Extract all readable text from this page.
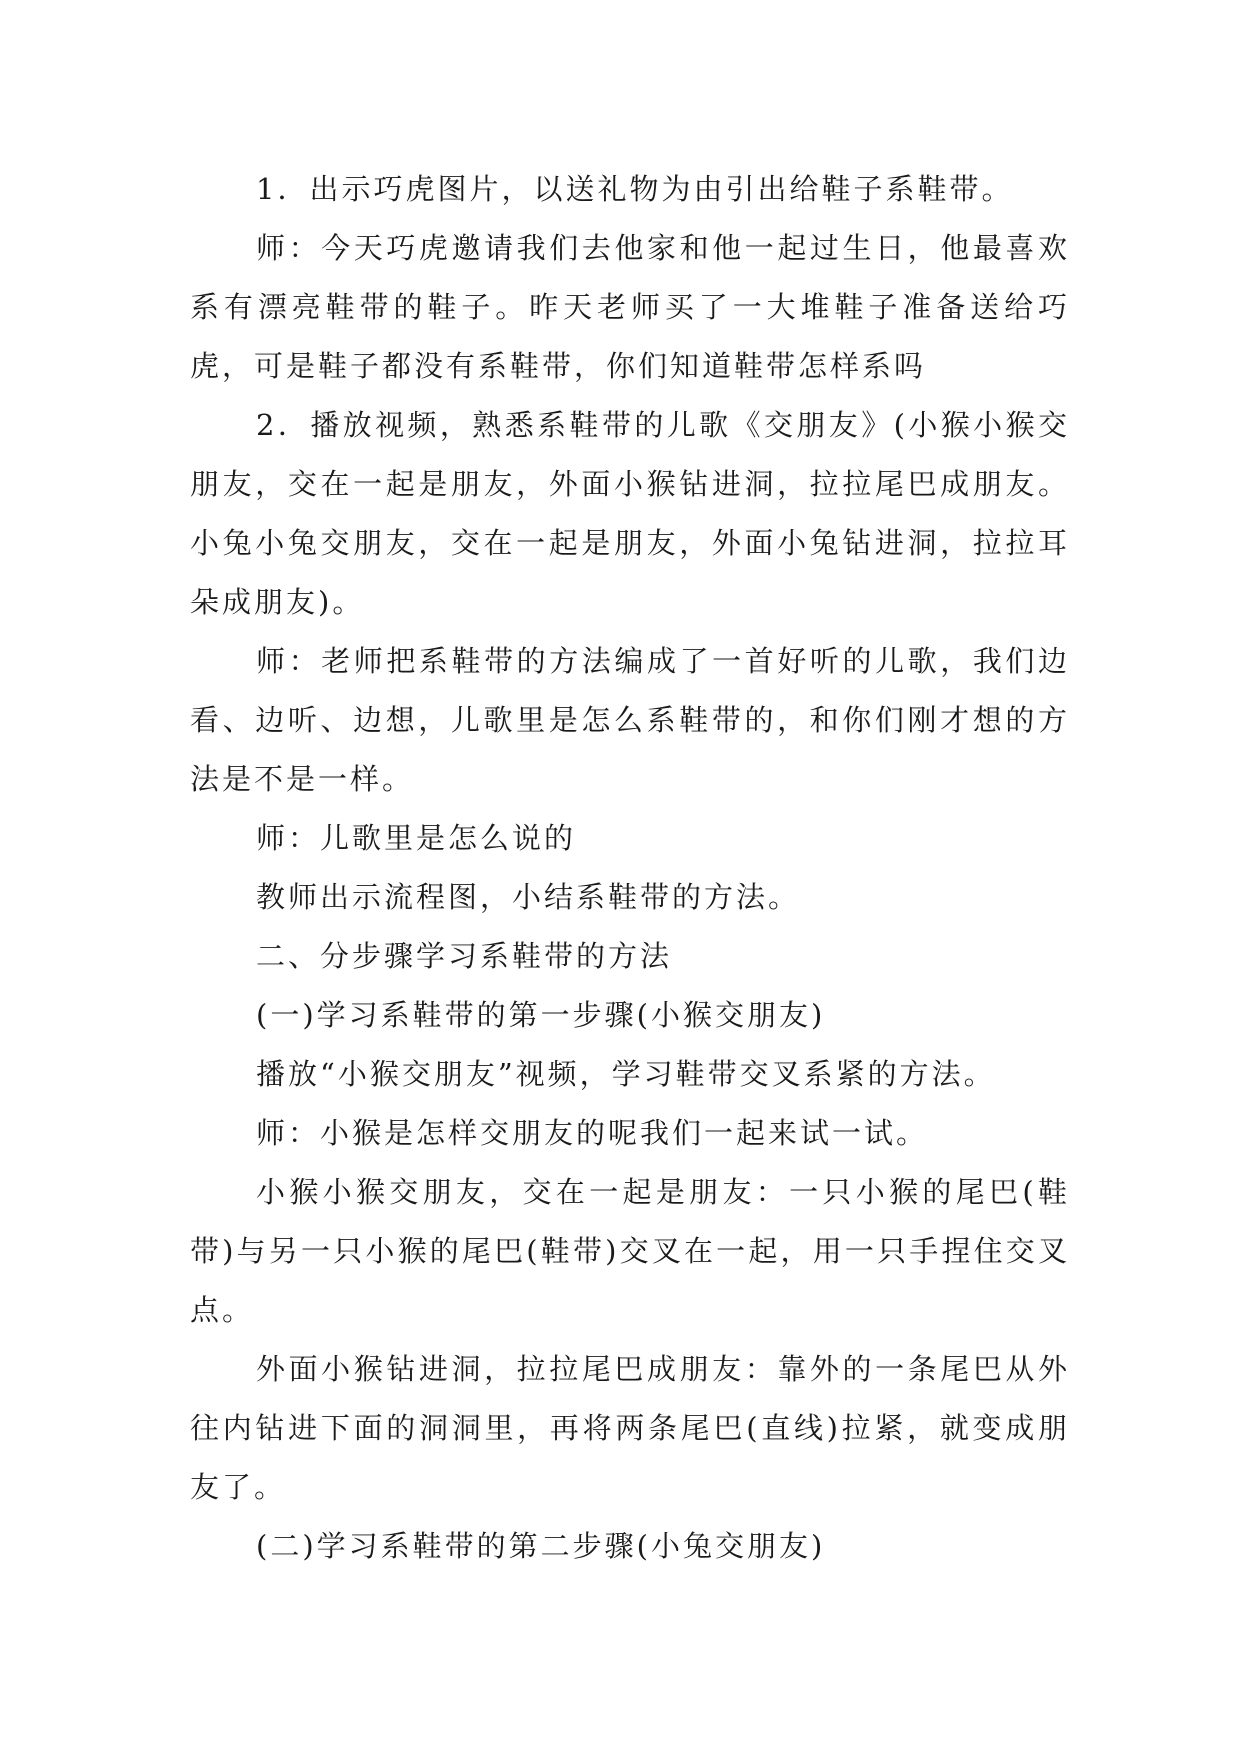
1．出示巧虎图片，以送礼物为由引出给鞋子系鞋带。

师：今天巧虎邀请我们去他家和他一起过生日，他最喜欢系有漂亮鞋带的鞋子。昨天老师买了一大堆鞋子准备送给巧虎，可是鞋子都没有系鞋带，你们知道鞋带怎样系吗

2．播放视频，熟悉系鞋带的儿歌《交朋友》(小猴小猴交朋友，交在一起是朋友，外面小猴钻进洞，拉拉尾巴成朋友。小兔小兔交朋友，交在一起是朋友，外面小兔钻进洞，拉拉耳朵成朋友)。

师：老师把系鞋带的方法编成了一首好听的儿歌，我们边看、边听、边想，儿歌里是怎么系鞋带的，和你们刚才想的方法是不是一样。

师：儿歌里是怎么说的

教师出示流程图，小结系鞋带的方法。

二、分步骤学习系鞋带的方法

(一)学习系鞋带的第一步骤(小猴交朋友)

播放“小猴交朋友”视频，学习鞋带交叉系紧的方法。

师：小猴是怎样交朋友的呢我们一起来试一试。

小猴小猴交朋友，交在一起是朋友：一只小猴的尾巴(鞋带)与另一只小猴的尾巴(鞋带)交叉在一起，用一只手捏住交叉点。

外面小猴钻进洞，拉拉尾巴成朋友：靠外的一条尾巴从外往内钻进下面的洞洞里，再将两条尾巴(直线)拉紧，就变成朋友了。

(二)学习系鞋带的第二步骤(小兔交朋友)
